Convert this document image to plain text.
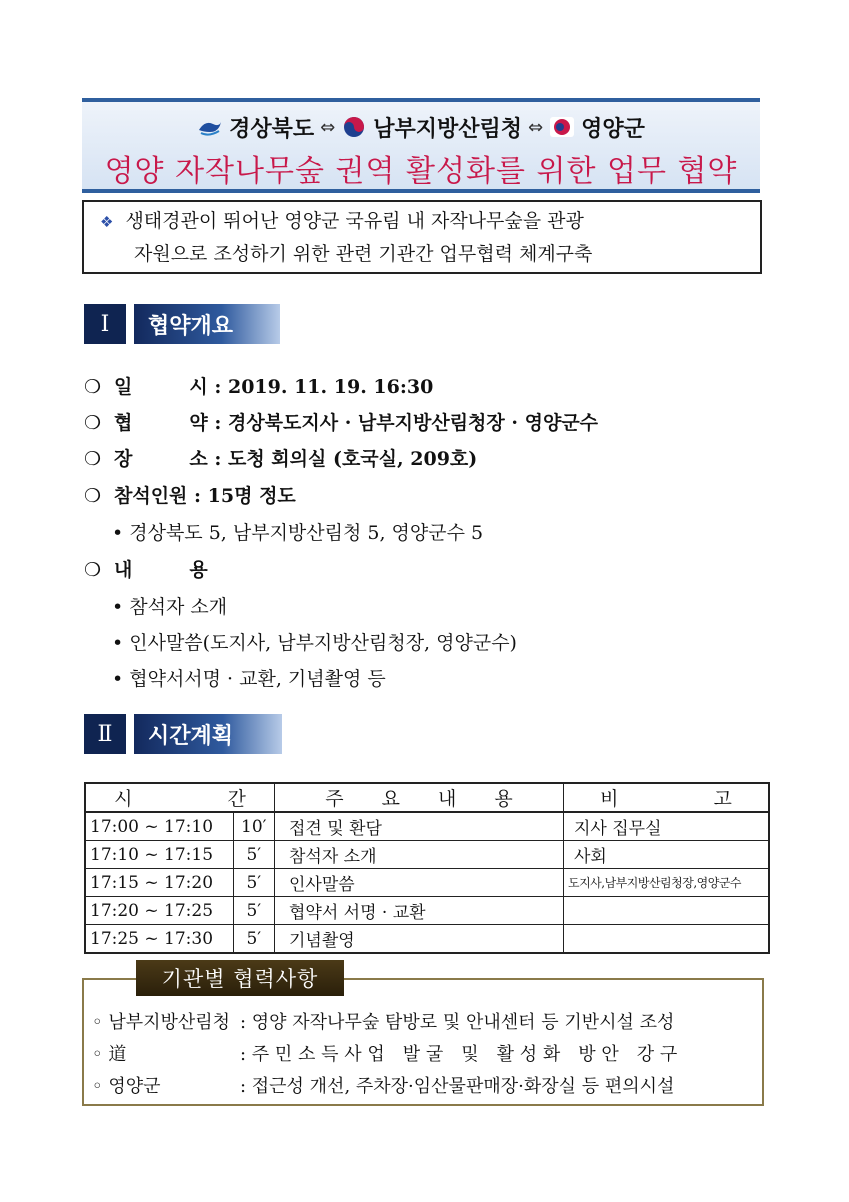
경상북도 ⇔ 남부지방산림청 ⇔ 영양군
영양 자작나무숲 권역 활성화를 위한 업무 협약
❖ 생태경관이 뛰어난 영양군 국유림 내 자작나무숲을 관광
자원으로 조성하기 위한 관련 기관간 업무협력 체계구축
Ⅰ	협약개요
❍ 일　　　시 : 2019. 11. 19. 16:30
❍ 협　　　약 : 경상북도지사 · 남부지방산림청장 · 영양군수
❍ 장　　　소 : 도청 회의실 (호국실, 209호)
❍ 참석인원 : 15명 정도
• 경상북도 5, 남부지방산림청 5, 영양군수 5
❍ 내　　　용
• 참석자 소개
• 인사말씀(도지사, 남부지방산림청장, 영양군수)
• 협약서서명 · 교환, 기념촬영 등
Ⅱ	시간계획
시　　　　　간		주　　요　　내　　용	비　　　　　고
17:00 ~ 17:10	10′	접견 및 환담	지사 집무실
17:10 ~ 17:15	5′	참석자 소개	사회
17:15 ~ 17:20	5′	인사말씀	도지사,남부지방산림청장,영양군수
17:20 ~ 17:25	5′	협약서 서명 · 교환	
17:25 ~ 17:30	5′	기념촬영	
기관별 협력사항
◦ 남부지방산림청 : 영양 자작나무숲 탐방로 및 안내센터 등 기반시설 조성
◦ 道	: 주 민 소 득 사 업　발 굴　및　활 성 화　방 안　강 구
◦ 영양군	: 접근성 개선, 주차장·임산물판매장·화장실 등 편의시설
